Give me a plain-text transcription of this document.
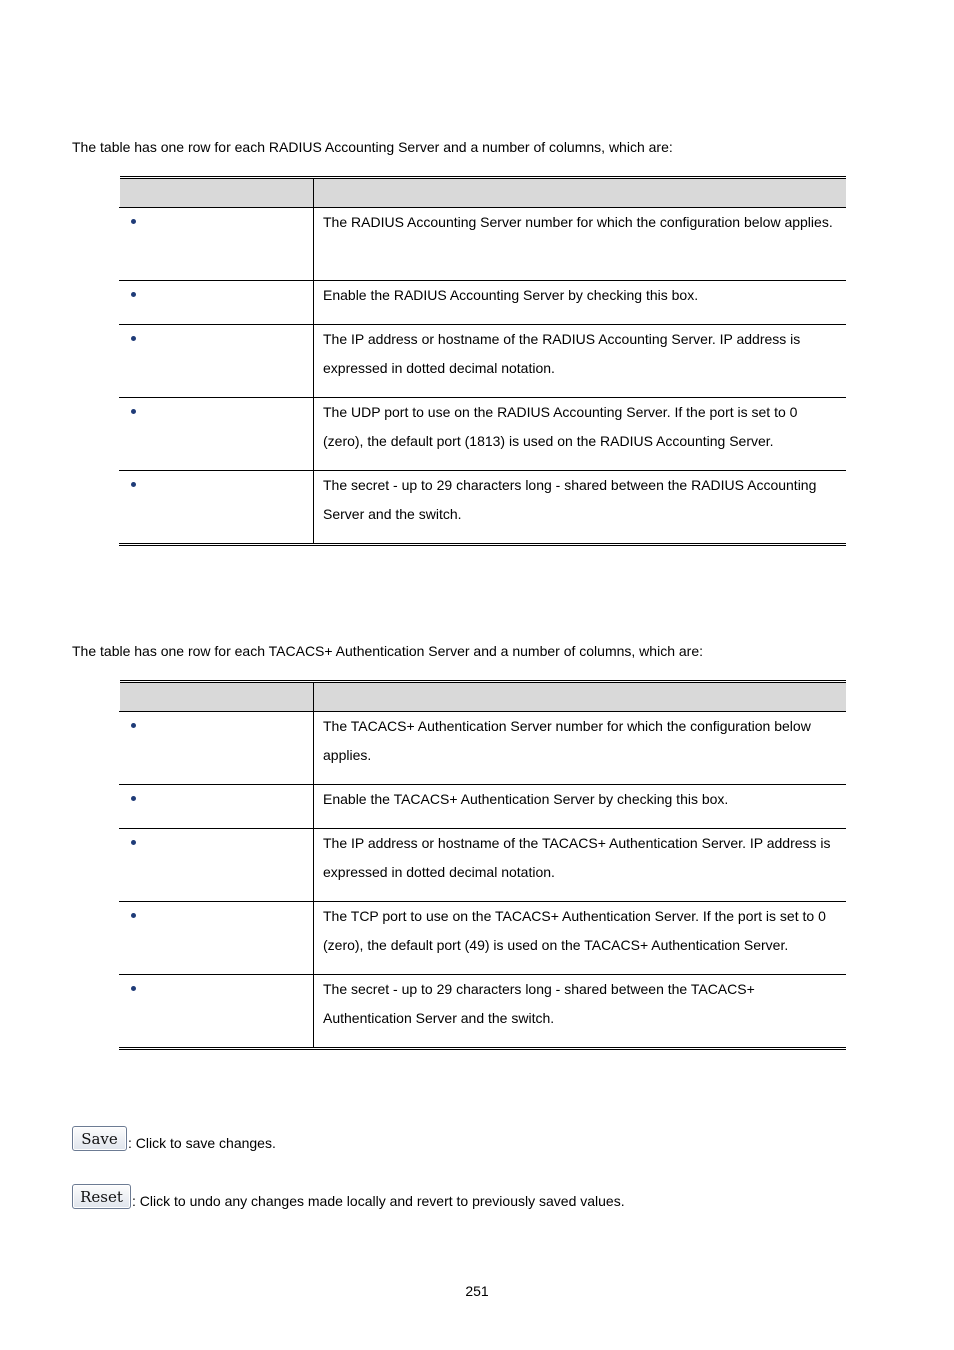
The table has one row for each RADIUS Accounting Server and a number of columns, which are:

	The RADIUS Accounting Server number for which the configuration below applies.
	Enable the RADIUS Accounting Server by checking this box.
	The IP address or hostname of the RADIUS Accounting Server. IP address is expressed in dotted decimal notation.
	The UDP port to use on the RADIUS Accounting Server. If the port is set to 0 (zero), the default port (1813) is used on the RADIUS Accounting Server.
	The secret - up to 29 characters long - shared between the RADIUS Accounting Server and the switch.

The table has one row for each TACACS+ Authentication Server and a number of columns, which are:

	The TACACS+ Authentication Server number for which the configuration below applies.
	Enable the TACACS+ Authentication Server by checking this box.
	The IP address or hostname of the TACACS+ Authentication Server. IP address is expressed in dotted decimal notation.
	The TCP port to use on the TACACS+ Authentication Server. If the port is set to 0 (zero), the default port (49) is used on the TACACS+ Authentication Server.
	The secret - up to 29 characters long - shared between the TACACS+ Authentication Server and the switch.
Save : Click to save changes.
Reset : Click to undo any changes made locally and revert to previously saved values.
251
